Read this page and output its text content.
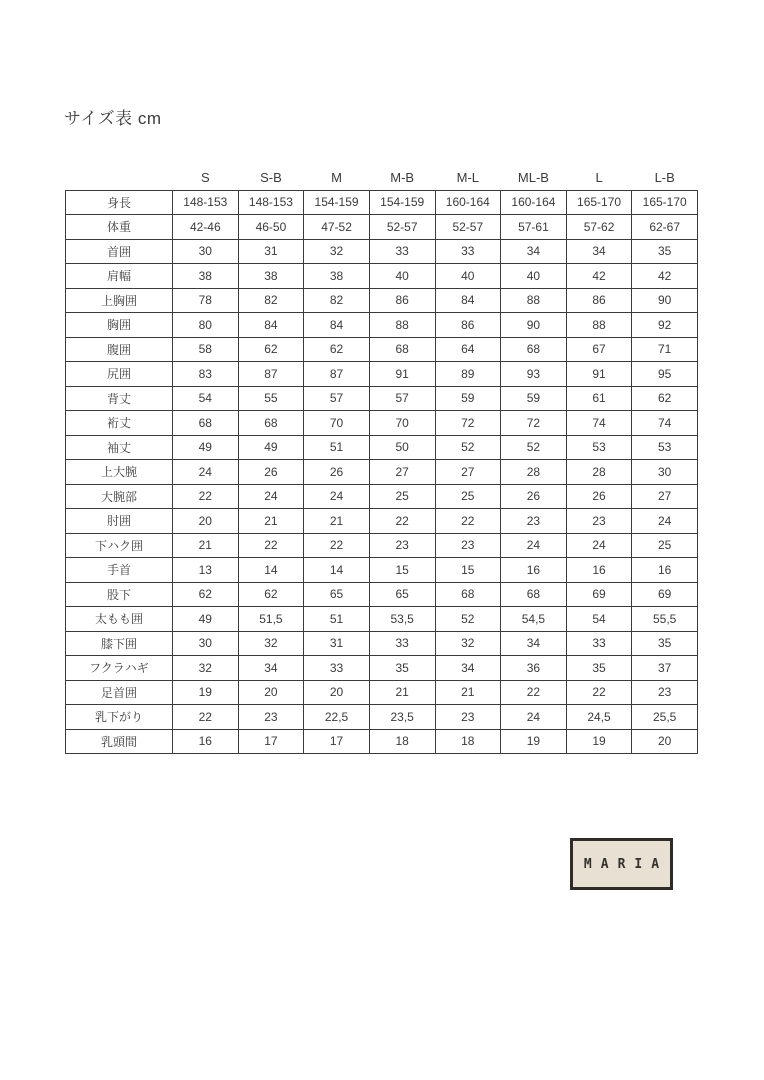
サイズ表 cm
	S	S-B	M	M-B	M-L	ML-B	L	L-B
身長	148-153	148-153	154-159	154-159	160-164	160-164	165-170	165-170
体重	42-46	46-50	47-52	52-57	52-57	57-61	57-62	62-67
首囲	30	31	32	33	33	34	34	35
肩幅	38	38	38	40	40	40	42	42
上胸囲	78	82	82	86	84	88	86	90
胸囲	80	84	84	88	86	90	88	92
腹囲	58	62	62	68	64	68	67	71
尻囲	83	87	87	91	89	93	91	95
背丈	54	55	57	57	59	59	61	62
裄丈	68	68	70	70	72	72	74	74
袖丈	49	49	51	50	52	52	53	53
上大腕	24	26	26	27	27	28	28	30
大腕部	22	24	24	25	25	26	26	27
肘囲	20	21	21	22	22	23	23	24
下ハク囲	21	22	22	23	23	24	24	25
手首	13	14	14	15	15	16	16	16
股下	62	62	65	65	68	68	69	69
太もも囲	49	51,5	51	53,5	52	54,5	54	55,5
膝下囲	30	32	31	33	32	34	33	35
フクラハギ	32	34	33	35	34	36	35	37
足首囲	19	20	20	21	21	22	22	23
乳下がり	22	23	22,5	23,5	23	24	24,5	25,5
乳頭間	16	17	17	18	18	19	19	20
MARIA
